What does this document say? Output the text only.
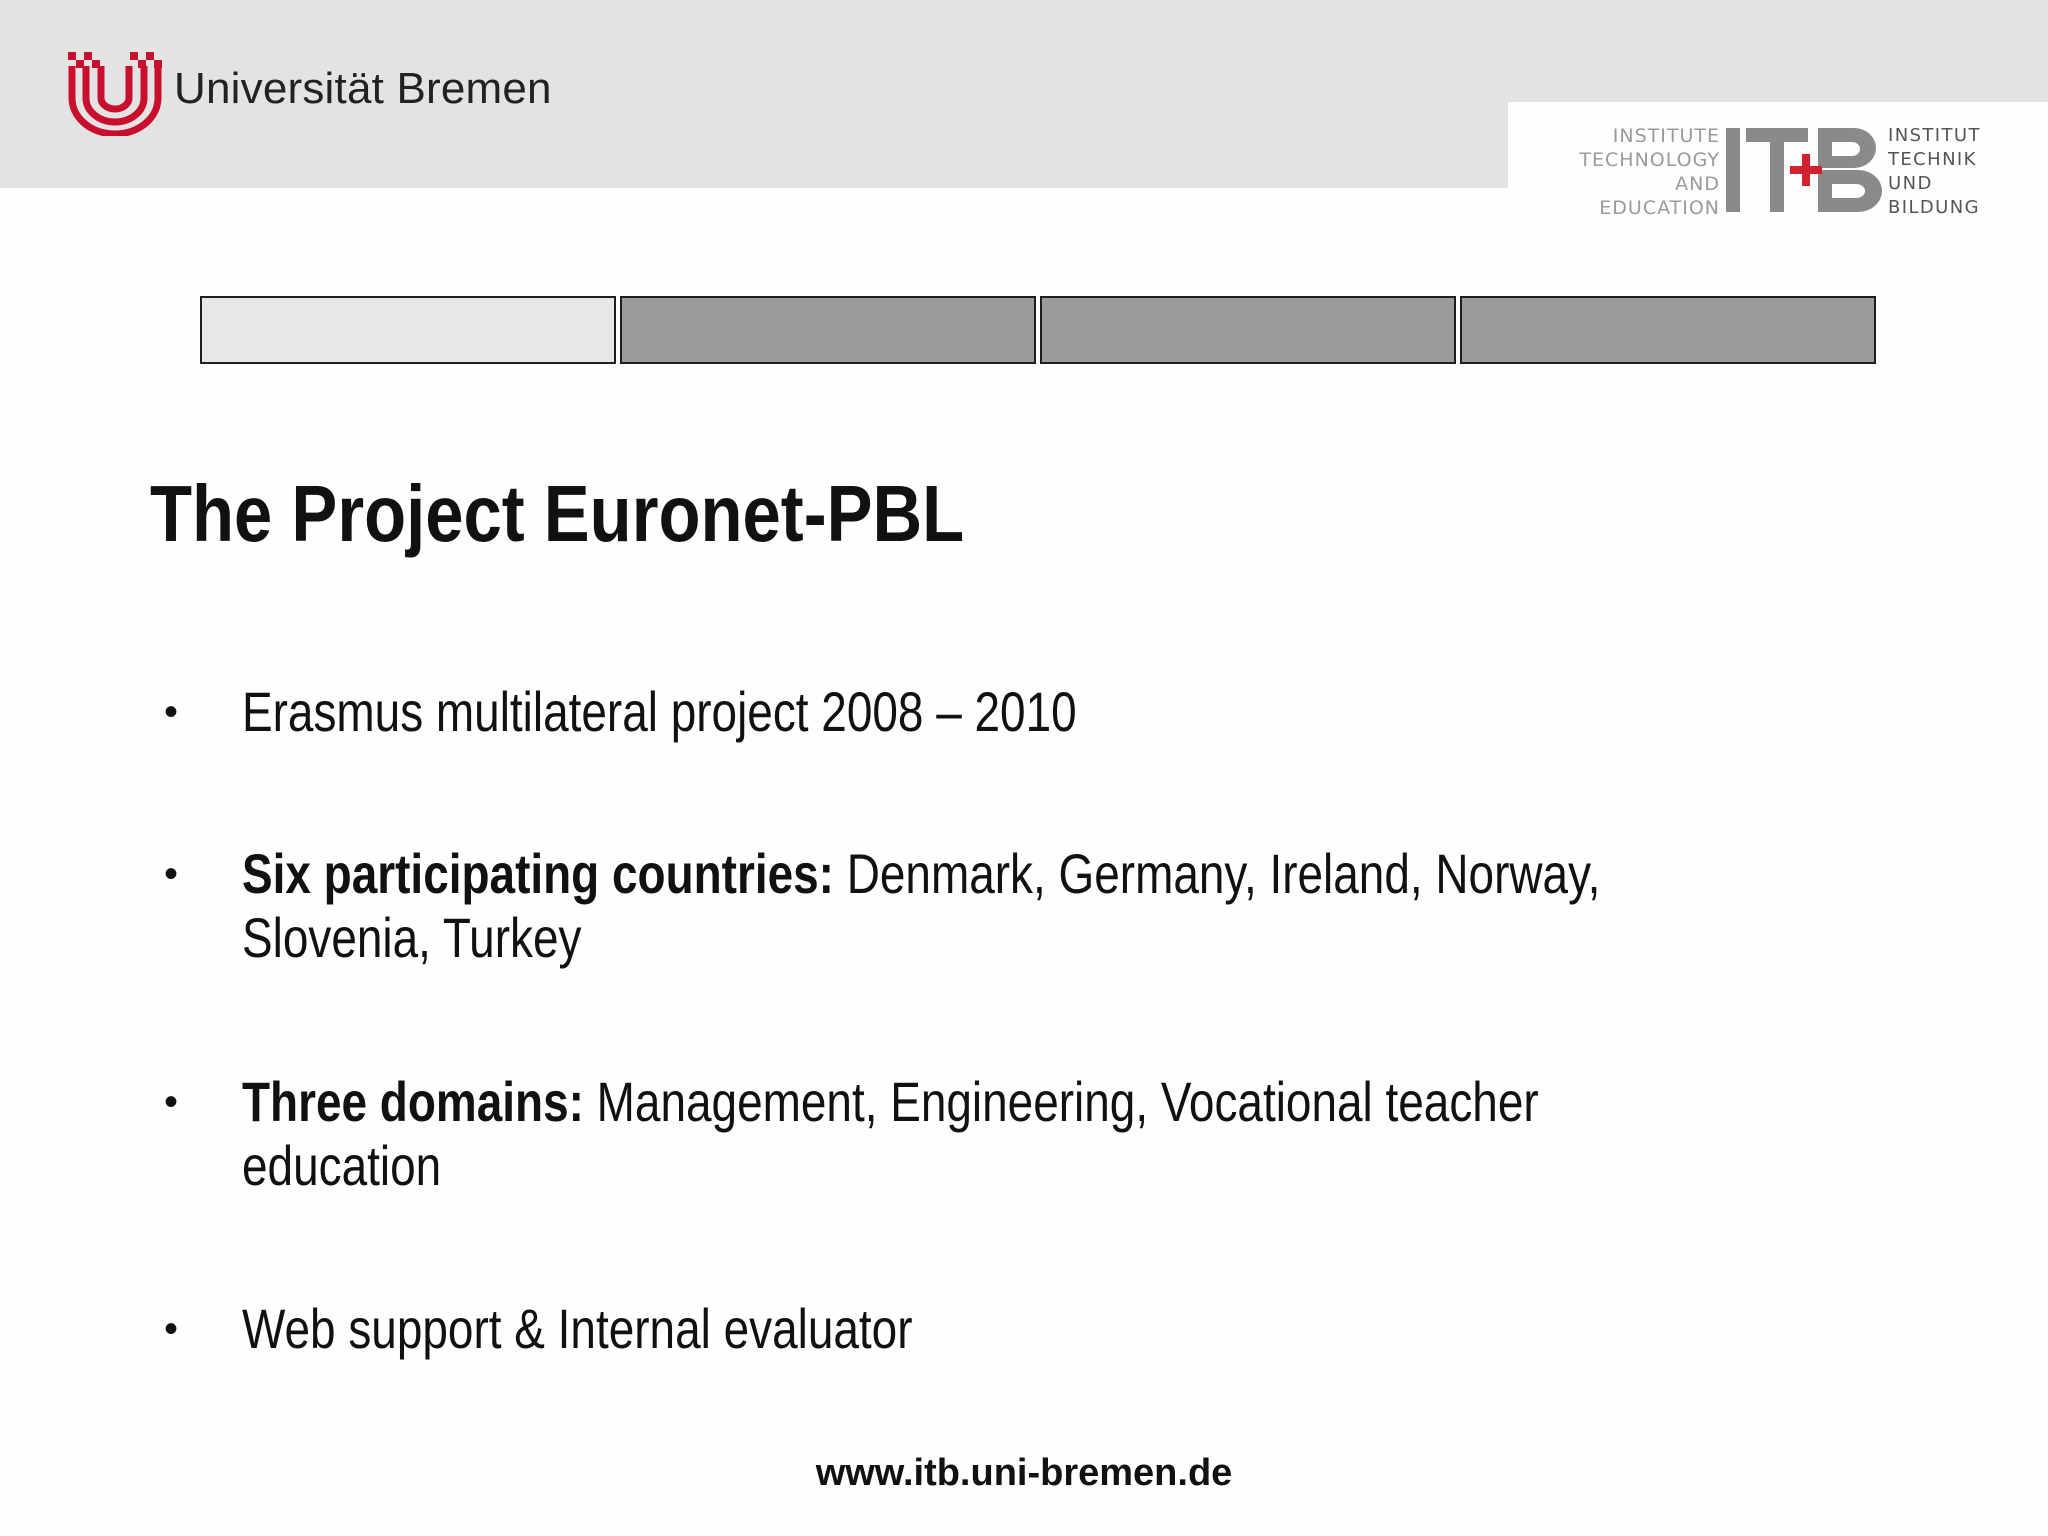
Universität Bremen
INSTITUTE
TECHNOLOGY
AND
EDUCATION
INSTITUT
TECHNIK
UND
BILDUNG
The Project Euronet-PBL
• Erasmus multilateral project 2008 – 2010
• Six participating countries: Denmark, Germany, Ireland, Norway, Slovenia, Turkey
• Three domains: Management, Engineering, Vocational teacher education
• Web support & Internal evaluator
www.itb.uni-bremen.de
